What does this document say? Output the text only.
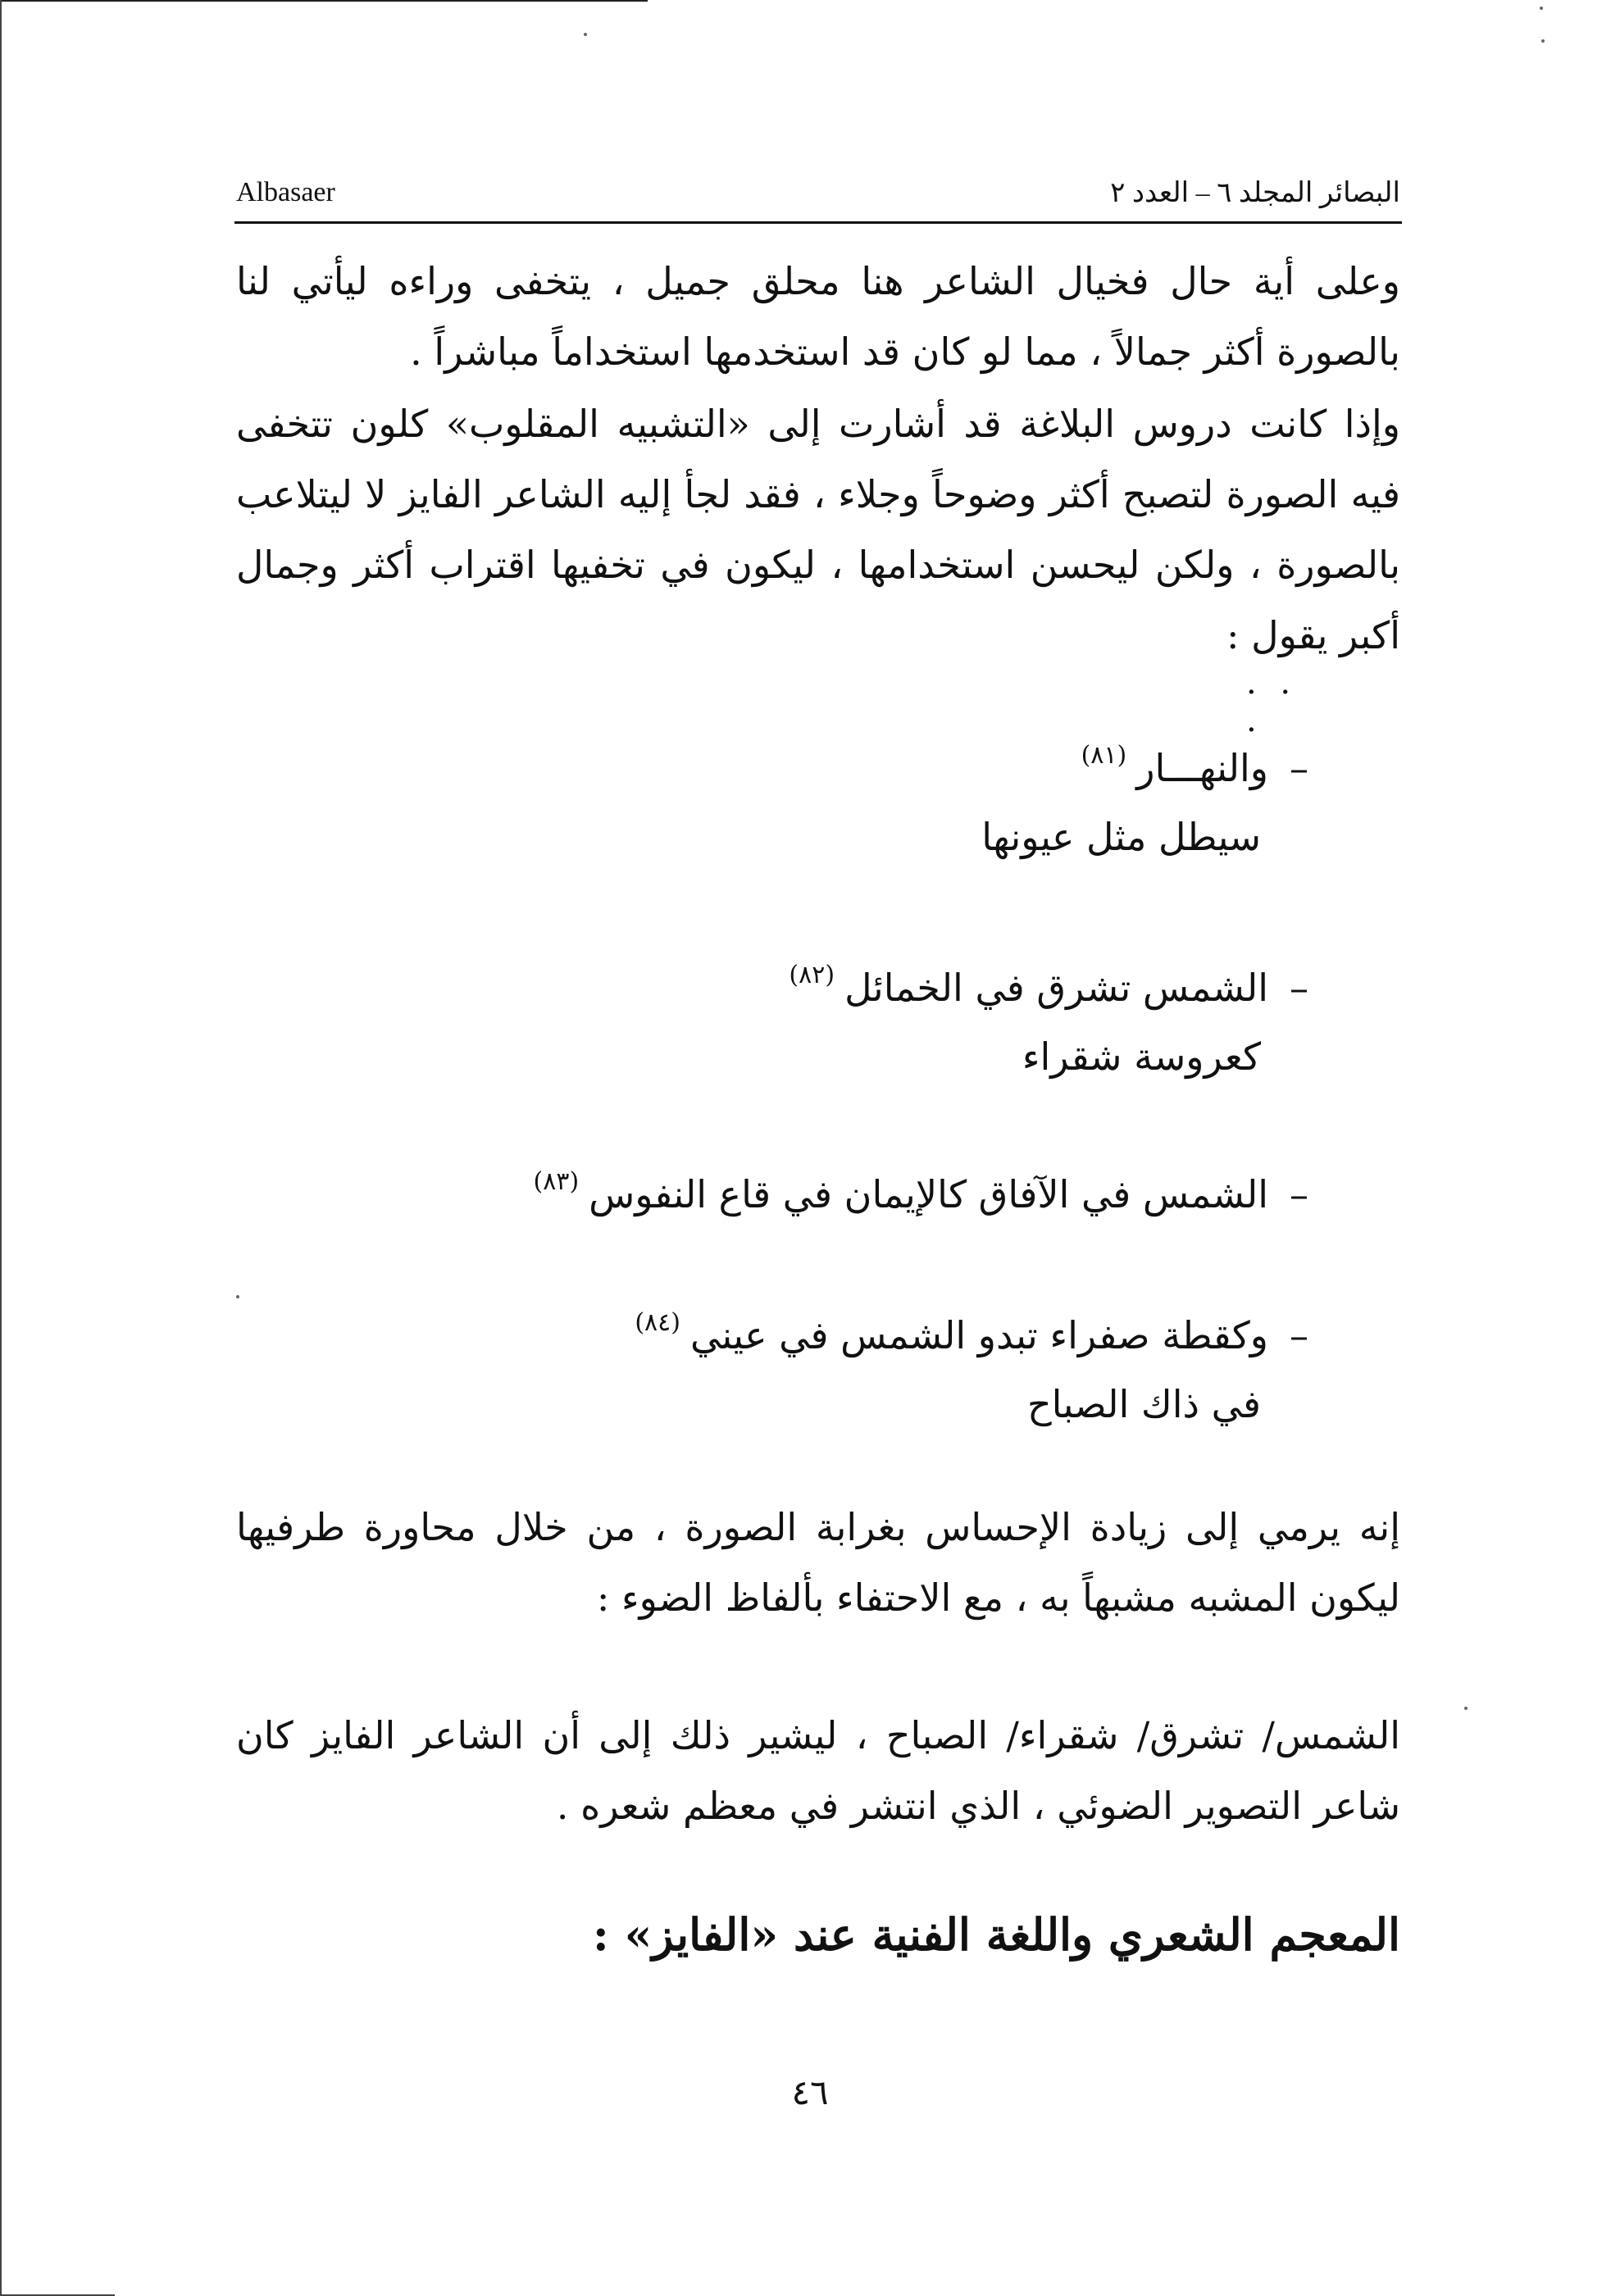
Albasaer	البصائر المجلد ٦ – العدد ٢

وعلى أية حال فخيال الشاعر هنا محلق جميل ، يتخفى وراءه ليأتي لنا بالصورة أكثر جمالاً ، مما لو كان قد استخدمها استخداماً مباشراً .

وإذا كانت دروس البلاغة قد أشارت إلى «التشبيه المقلوب» كلون تتخفى فيه الصورة لتصبح أكثر وضوحاً وجلاء ، فقد لجأ إليه الشاعر الفايز لا ليتلاعب بالصورة ، ولكن ليحسن استخدامها ، ليكون في تخفيها اقتراب أكثر وجمال أكبر يقول :

. . .
–والنهـــار$^{(٨١)}$
سيطل مثل عيونها
–الشمس تشرق في الخمائل$^{(٨٢)}$
كعروسة شقراء
–الشمس في الآفاق كالإيمان في قاع النفوس$^{(٨٣)}$
–وكقطة صفراء تبدو الشمس في عيني$^{(٨٤)}$
في ذاك الصباح

إنه يرمي إلى زيادة الإحساس بغرابة الصورة ، من خلال محاورة طرفيها ليكون المشبه مشبهاً به ، مع الاحتفاء بألفاظ الضوء :

الشمس/ تشرق/ شقراء/ الصباح ، ليشير ذلك إلى أن الشاعر الفايز كان شاعر التصوير الضوئي ، الذي انتشر في معظم شعره .

المعجم الشعري واللغة الفنية عند «الفايز» :
٤٦
